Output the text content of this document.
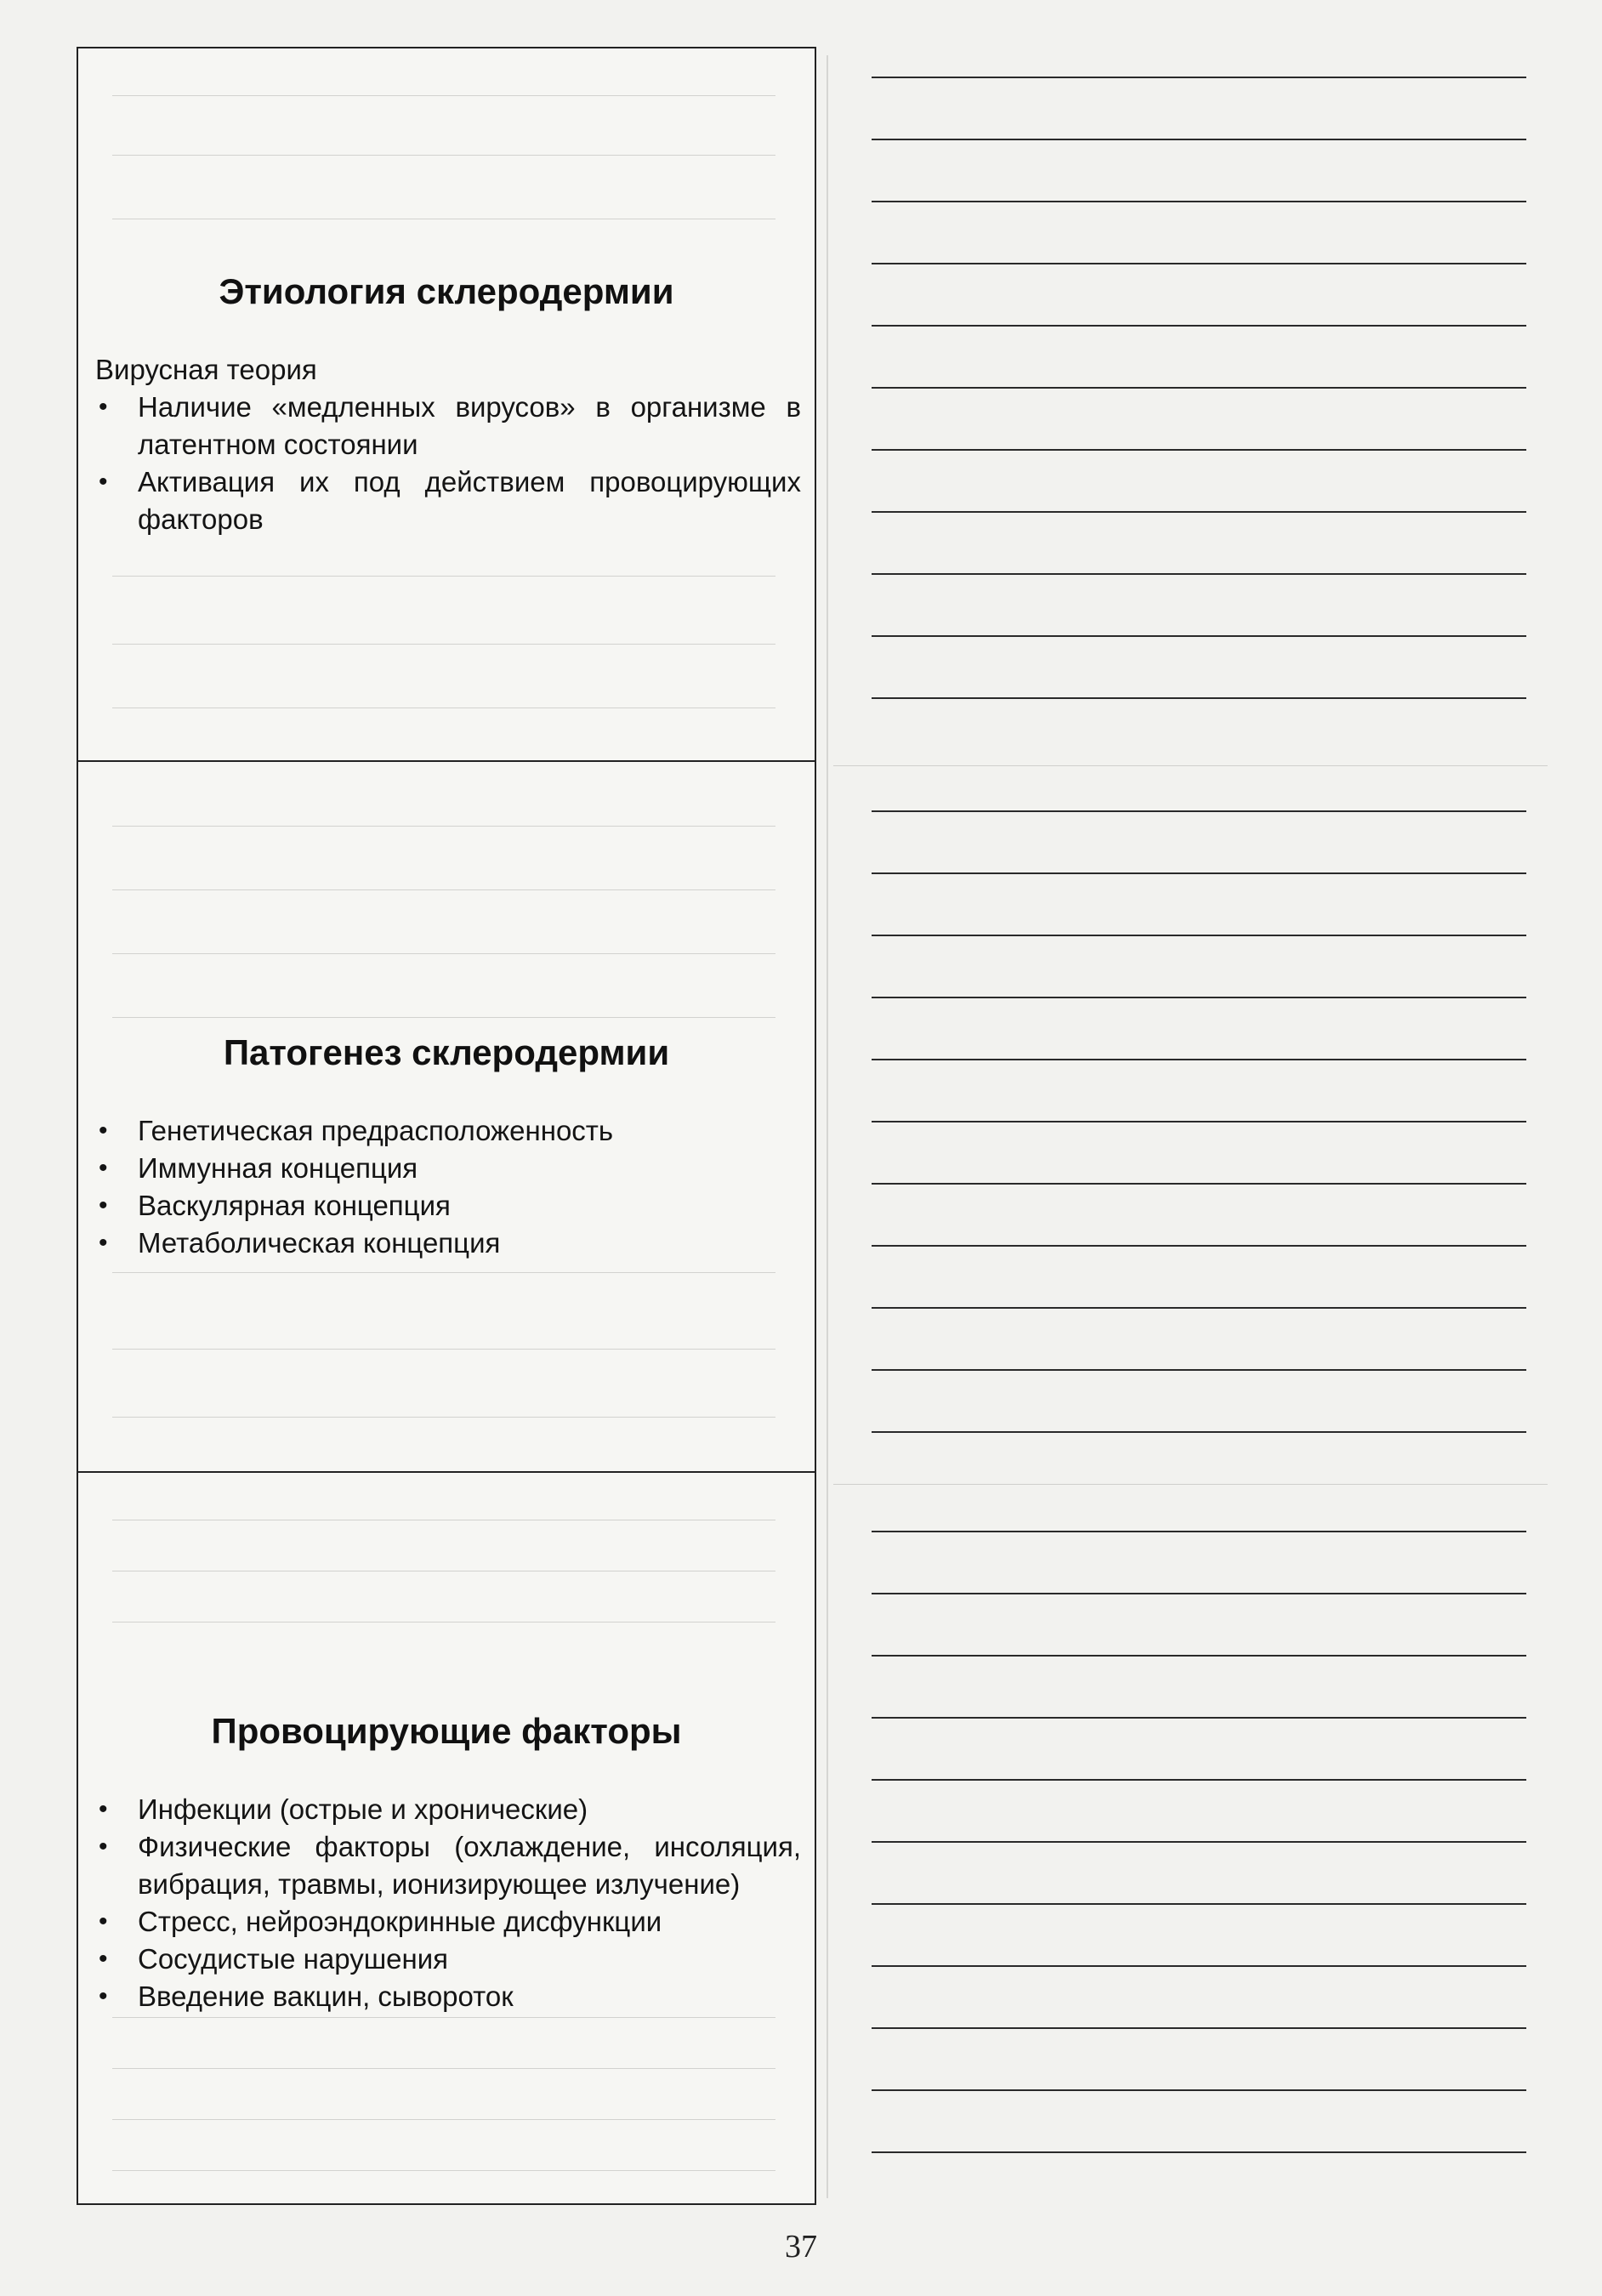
Этиология склеродермии

Вирусная теория

• Наличие «медленных вирусов» в организме в латентном состоянии
• Активация их под действием провоцирующих факторов
Патогенез склеродермии
• Генетическая предрасположенность
• Иммунная концепция
• Васкулярная концепция
• Метаболическая концепция
Провоцирующие факторы
• Инфекции (острые и хронические)
• Физические факторы (охлаждение, инсоляция, вибрация, травмы, ионизирующее излучение)
• Стресс, нейроэндокринные дисфункции
• Сосудистые нарушения
• Введение вакцин, сывороток
37
